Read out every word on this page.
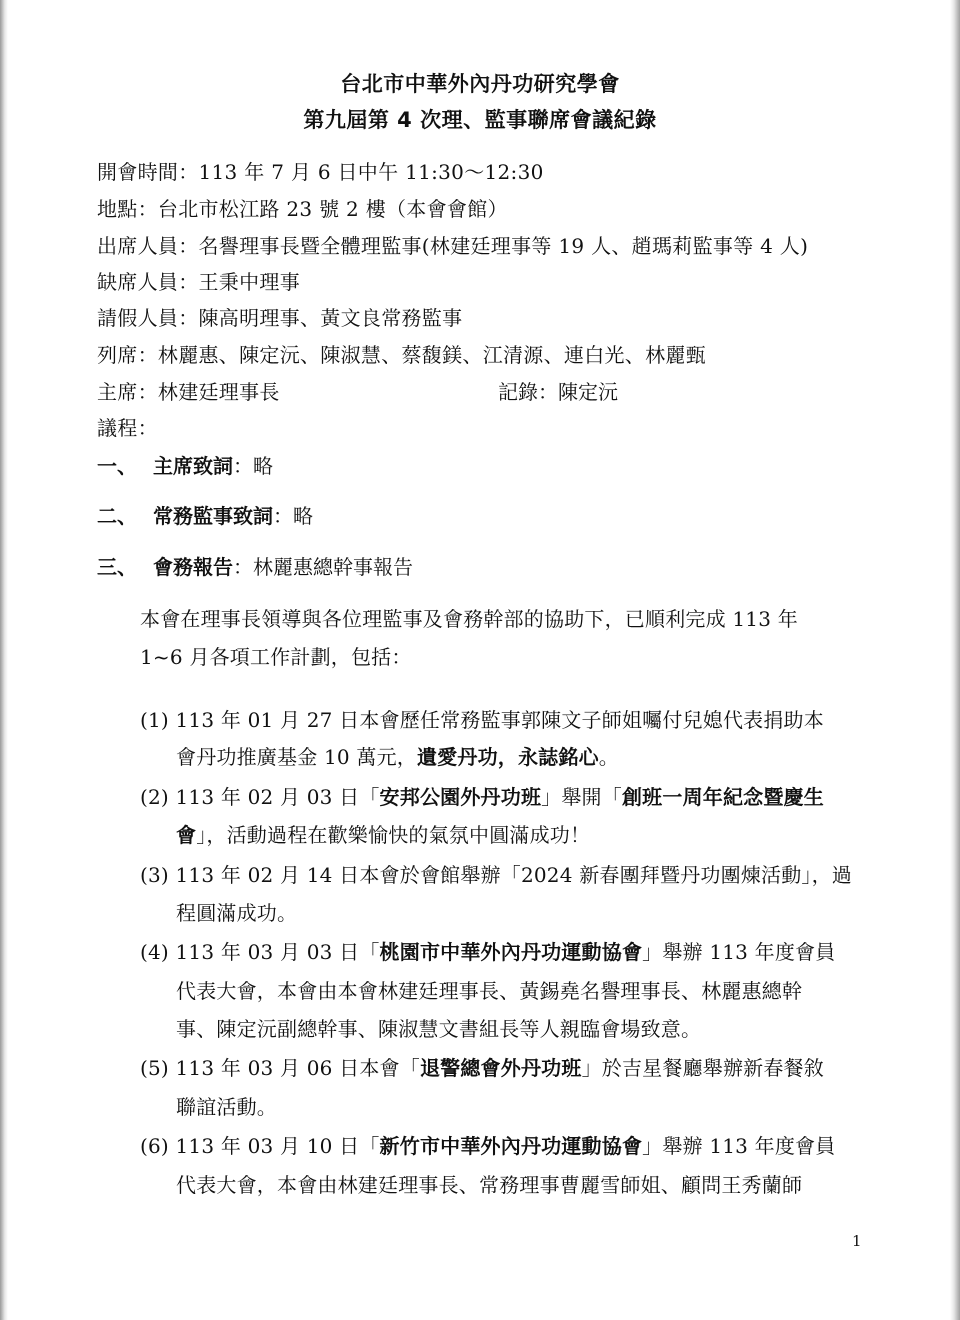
台北市中華外內丹功研究學會
第九屆第 4 次理、監事聯席會議紀錄
開會時間：113 年 7 月 6 日中午 11:30～12:30
地點：台北市松江路 23 號 2 樓（本會會館）
出席人員：名譽理事長暨全體理監事(林建廷理事等 19 人、趙瑪莉監事等 4 人)
缺席人員：王秉中理事
請假人員：陳高明理事、黃文良常務監事
列席：林麗惠、陳定沅、陳淑慧、蔡馥鎂、江清源、連白光、林麗甄
主席：林建廷理事長	記錄：陳定沅
議程：
一、 主席致詞：略
二、 常務監事致詞：略
三、 會務報告：林麗惠總幹事報告
本會在理事長領導與各位理監事及會務幹部的協助下，已順利完成 113 年
1~6 月各項工作計劃，包括：
(1) 113 年 01 月 27 日本會歷任常務監事郭陳文子師姐囑付兒媳代表捐助本
會丹功推廣基金 10 萬元，遺愛丹功，永誌銘心。
(2) 113 年 02 月 03 日「安邦公園外丹功班」舉開「創班一周年紀念暨慶生
會」，活動過程在歡樂愉快的氣氛中圓滿成功！
(3) 113 年 02 月 14 日本會於會館舉辦「2024 新春團拜暨丹功團煉活動」，過
程圓滿成功。
(4) 113 年 03 月 03 日「桃園市中華外內丹功運動協會」舉辦 113 年度會員
代表大會，本會由本會林建廷理事長、黃錫堯名譽理事長、林麗惠總幹
事、陳定沅副總幹事、陳淑慧文書組長等人親臨會場致意。
(5) 113 年 03 月 06 日本會「退警總會外丹功班」於吉星餐廳舉辦新春餐敘
聯誼活動。
(6) 113 年 03 月 10 日「新竹市中華外內丹功運動協會」舉辦 113 年度會員
代表大會，本會由林建廷理事長、常務理事曹麗雪師姐、顧問王秀蘭師
1
